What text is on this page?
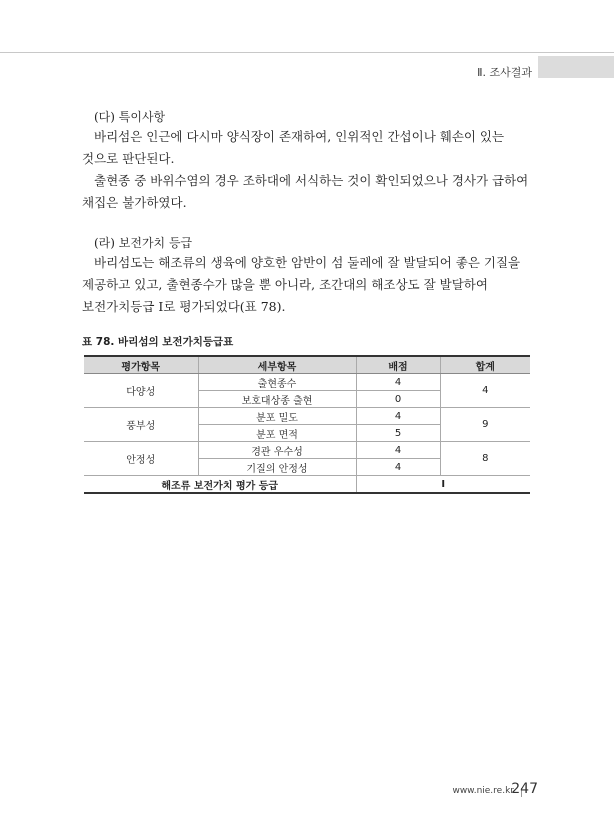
Ⅱ. 조사결과
(다) 특이사항

바리섬은 인근에 다시마 양식장이 존재하여, 인위적인 간섭이나 훼손이 있는
것으로 판단된다.

출현종 중 바위수염의 경우 조하대에 서식하는 것이 확인되었으나 경사가 급하여
채집은 불가하였다.

(라) 보전가치 등급

바리섬도는 해조류의 생육에 양호한 암반이 섬 둘레에 잘 발달되어 좋은 기질을
제공하고 있고, 출현종수가 많을 뿐 아니라, 조간대의 해조상도 잘 발달하여
보전가치등급 Ⅰ로 평가되었다(표 78).

표 78. 바리섬의 보전가치등급표
평가항목	세부항목	배점	합계
다양성	출현종수	4	4
	보호대상종 출현	0	
풍부성	분포 밀도	4	9
	분포 면적	5	
안정성	경관 우수성	4	8
	기질의 안정성	4	
해조류 보전가치 평가 등급		I	
www.nie.re.kr
247
